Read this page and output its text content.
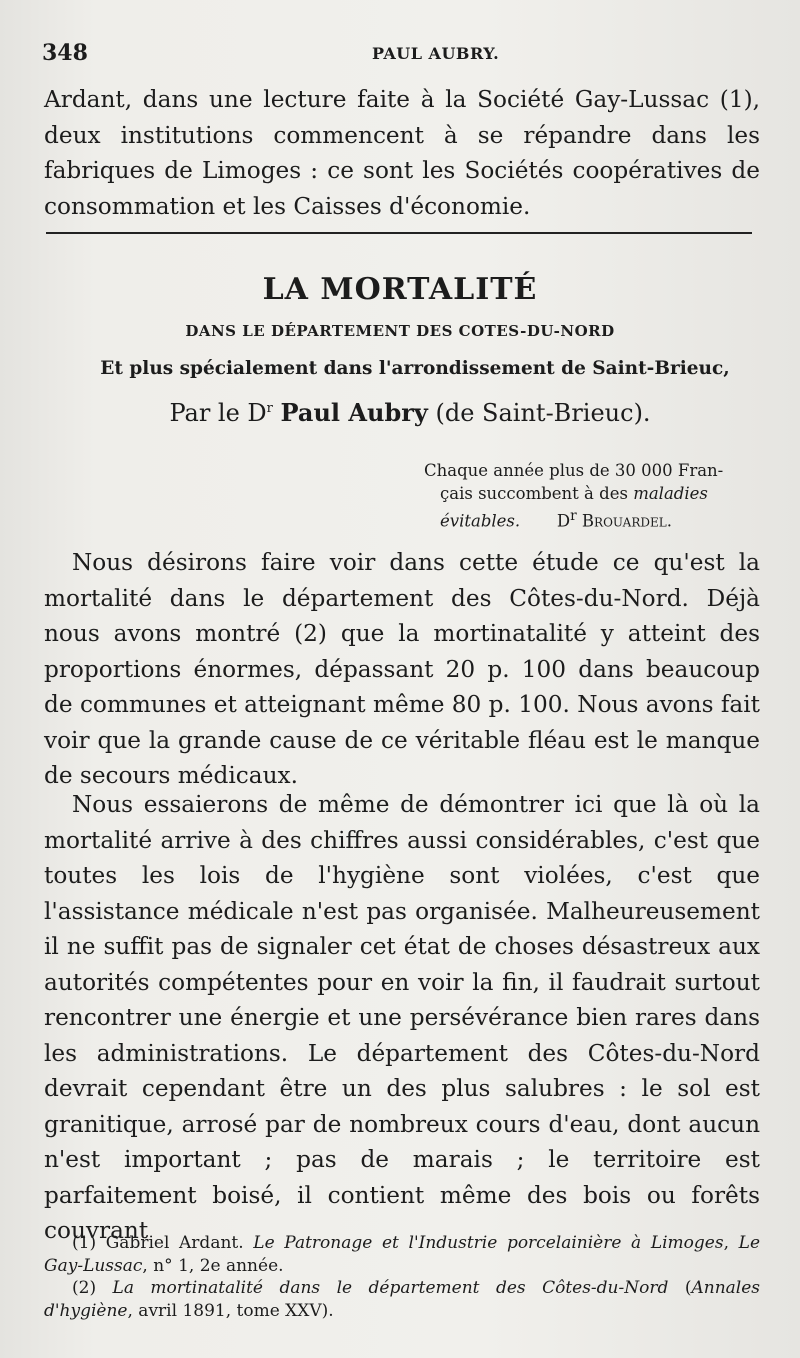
348	PAUL AUBRY.

Ardant, dans une lecture faite à la Société Gay-Lussac (1), deux institutions commencent à se répandre dans les fabriques de Limoges : ce sont les Sociétés coopératives de consommation et les Caisses d'économie.

LA MORTALITÉ
DANS LE DÉPARTEMENT DES COTES-DU-NORD
Et plus spécialement dans l'arrondissement de Saint-Brieuc,
Par le $D^r$ Paul Aubry (de Saint-Brieuc).
Chaque année plus de 30 000 Fran-
çais succombent à des maladies
évitables. $D^r$ Brouardel.

Nous désirons faire voir dans cette étude ce qu'est la mortalité dans le département des Côtes-du-Nord. Déjà nous avons montré (2) que la mortinatalité y atteint des proportions énormes, dépassant 20 p. 100 dans beaucoup de communes et atteignant même 80 p. 100. Nous avons fait voir que la grande cause de ce véritable fléau est le manque de secours médicaux.

Nous essaierons de même de démontrer ici que là où la mortalité arrive à des chiffres aussi considérables, c'est que toutes les lois de l'hygiène sont violées, c'est que l'assistance médicale n'est pas organisée. Malheureusement il ne suffit pas de signaler cet état de choses désastreux aux autorités compétentes pour en voir la fin, il faudrait surtout rencontrer une énergie et une persévérance bien rares dans les administrations. Le département des Côtes-du-Nord devrait cependant être un des plus salubres : le sol est granitique, arrosé par de nombreux cours d'eau, dont aucun n'est important ; pas de marais ; le territoire est parfaitement boisé, il contient même des bois ou forêts couvrant

(1) Gabriel Ardant. Le Patronage et l'Industrie porcelainière à Limoges, Le Gay-Lussac, n° 1, 2e année.

(2) La mortinatalité dans le département des Côtes-du-Nord (Annales d'hygiène, avril 1891, tome XXV).
